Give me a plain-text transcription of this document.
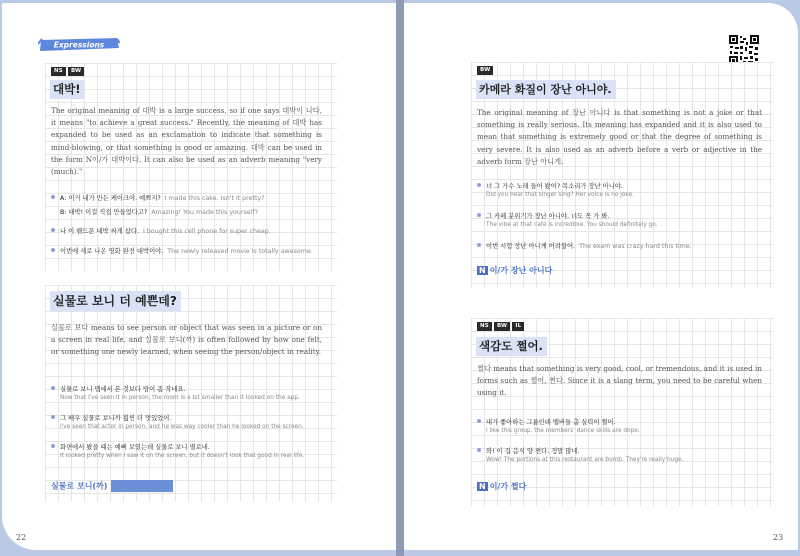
Expressions
NS	BW
대박!

The original meaning of 대박 is a large success, so if one says 대박이 나다, it means "to achieve a great success." Recently, the meaning of 대박 has expanded to be used as an exclamation to indicate that something is mind-blowing, or that something is good or amazing. 대박 can be used in the form N이/가 대박이다. It can also be used as an adverb meaning "very (much)."

A: 이거 내가 만든 케이크야. 예쁘지? I made this cake. Isn't it pretty?
B: 대박! 이걸 직접 만들었다고? Amazing! You made this yourself?
나 이 핸드폰 대박 싸게 샀다. I bought this cell phone for super cheap.
이번에 새로 나온 영화 완전 대박이야. The newly released movie is totally awesome.
실물로 보니 더 예쁜데?

실물로 보다 means to see person or object that was seen in a picture or on a screen in real life, and 실물로 보니(까) is often followed by how one felt, or something one newly learned, when seeing the person/object in reality.

실물로 보니 맵에서 본 것보다 방이 좀 작네요.
Now that I've seen it in person, the room is a bit smaller than it looked on the app.
그 배우 실물로 보니까 훨씬 더 멋있었어.
I've seen that actor in person, and he was way cooler than he looked on the screen.
화면에서 봤을 때는 예뻐 보였는데 실물로 보니 별로네.
It looked pretty when I saw it on the screen, but it doesn't look that good in real life.
실물로 보니(까)
22
BW
카메라 화질이 장난 아니야.

The original meaning of 장난 아니다 is that something is not a joke or that something is really serious. Its meaning has expanded and it is also used to mean that something is extremely good or that the degree of something is very severe. It is also used as an adverb before a verb or adjective in the adverb form 장난 아니게.

너 그 가수 노래 들어 봤어? 목소리가 장난 아니야.
Did you hear that singer sing? Her voice is no joke.
그 카페 분위기가 장난 아니야. 너도 꼭 가 봐.
The vibe at that café is incredible. You should definitely go.
이번 시험 장난 아니게 어려웠어. The exam was crazy hard this time.
N 이/가 장난 아니다
NS	BW	IL
색감도 쩔어.

쩔다 means that something is very good, cool, or tremendous, and it is used in forms such as 쩔어, 쩐다. Since it is a slang term, you need to be careful when using it.

내가 좋아하는 그룹인데 멤버들 춤 실력이 쩔어.
I like this group. the members' dance skills are dope.
와! 이 집 음식 양 쩐다. 정말 많네.
Wow! The portions at this restaurant are bomb. They're really huge.
N 이/가 쩔다
23
